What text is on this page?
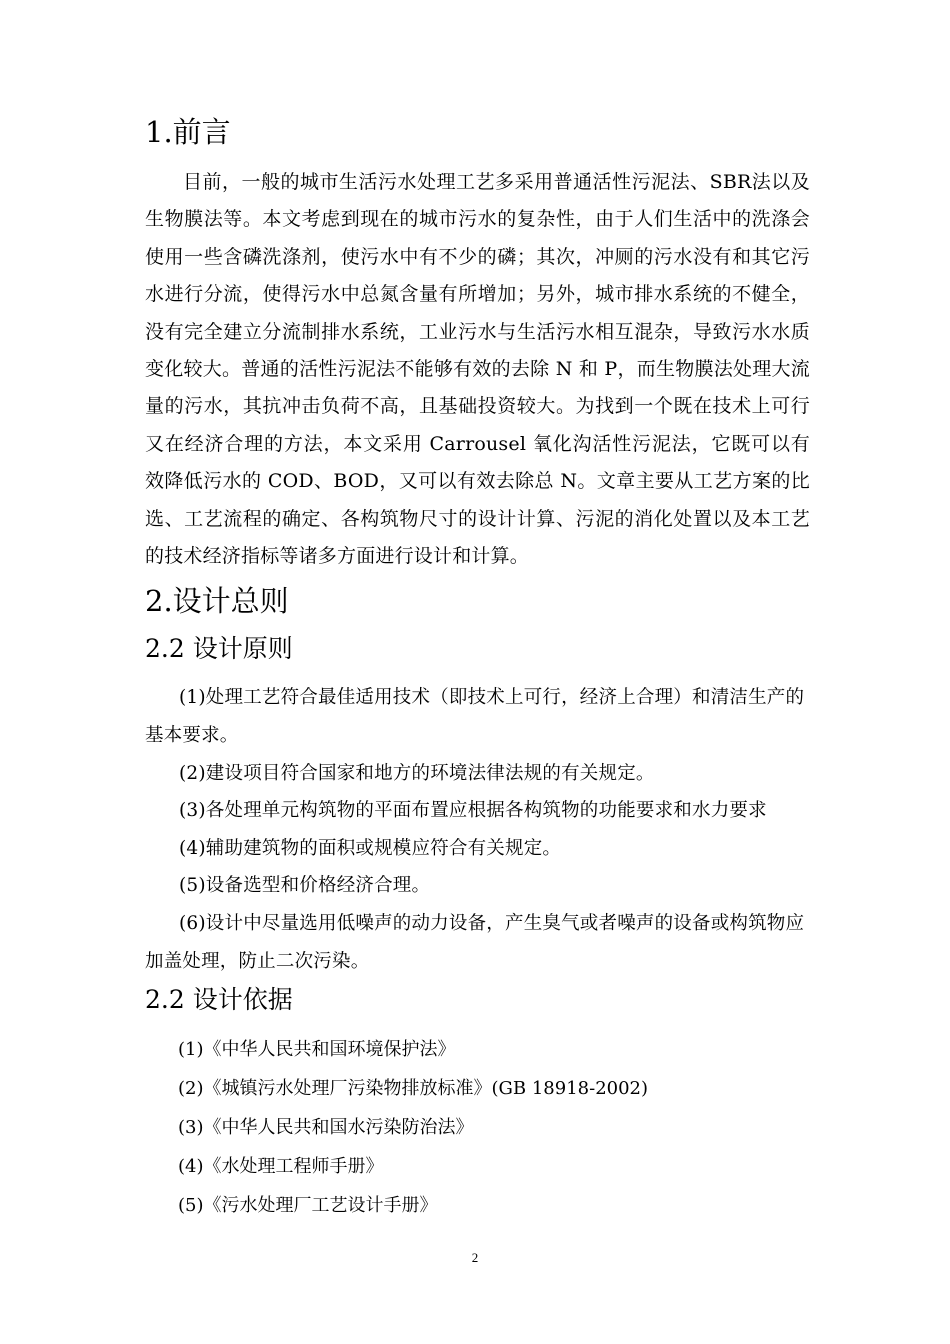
1.前言

目前，一般的城市生活污水处理工艺多采用普通活性污泥法、SBR法以及生物膜法等。本文考虑到现在的城市污水的复杂性，由于人们生活中的洗涤会使用一些含磷洗涤剂，使污水中有不少的磷；其次，冲厕的污水没有和其它污水进行分流，使得污水中总氮含量有所增加；另外，城市排水系统的不健全，没有完全建立分流制排水系统，工业污水与生活污水相互混杂，导致污水水质变化较大。普通的活性污泥法不能够有效的去除 N 和 P，而生物膜法处理大流量的污水，其抗冲击负荷不高，且基础投资较大。为找到一个既在技术上可行又在经济合理的方法，本文采用 Carrousel 氧化沟活性污泥法，它既可以有效降低污水的 COD、BOD，又可以有效去除总 N。文章主要从工艺方案的比选、工艺流程的确定、各构筑物尺寸的设计计算、污泥的消化处置以及本工艺的技术经济指标等诸多方面进行设计和计算。

2.设计总则
2.2 设计原则

(1)处理工艺符合最佳适用技术（即技术上可行，经济上合理）和清洁生产的基本要求。

(2)建设项目符合国家和地方的环境法律法规的有关规定。

(3)各处理单元构筑物的平面布置应根据各构筑物的功能要求和水力要求

(4)辅助建筑物的面积或规模应符合有关规定。

(5)设备选型和价格经济合理。

(6)设计中尽量选用低噪声的动力设备，产生臭气或者噪声的设备或构筑物应加盖处理，防止二次污染。

2.2 设计依据

(1)《中华人民共和国环境保护法》

(2)《城镇污水处理厂污染物排放标准》(GB 18918-2002)

(3)《中华人民共和国水污染防治法》

(4)《水处理工程师手册》

(5)《污水处理厂工艺设计手册》

2
